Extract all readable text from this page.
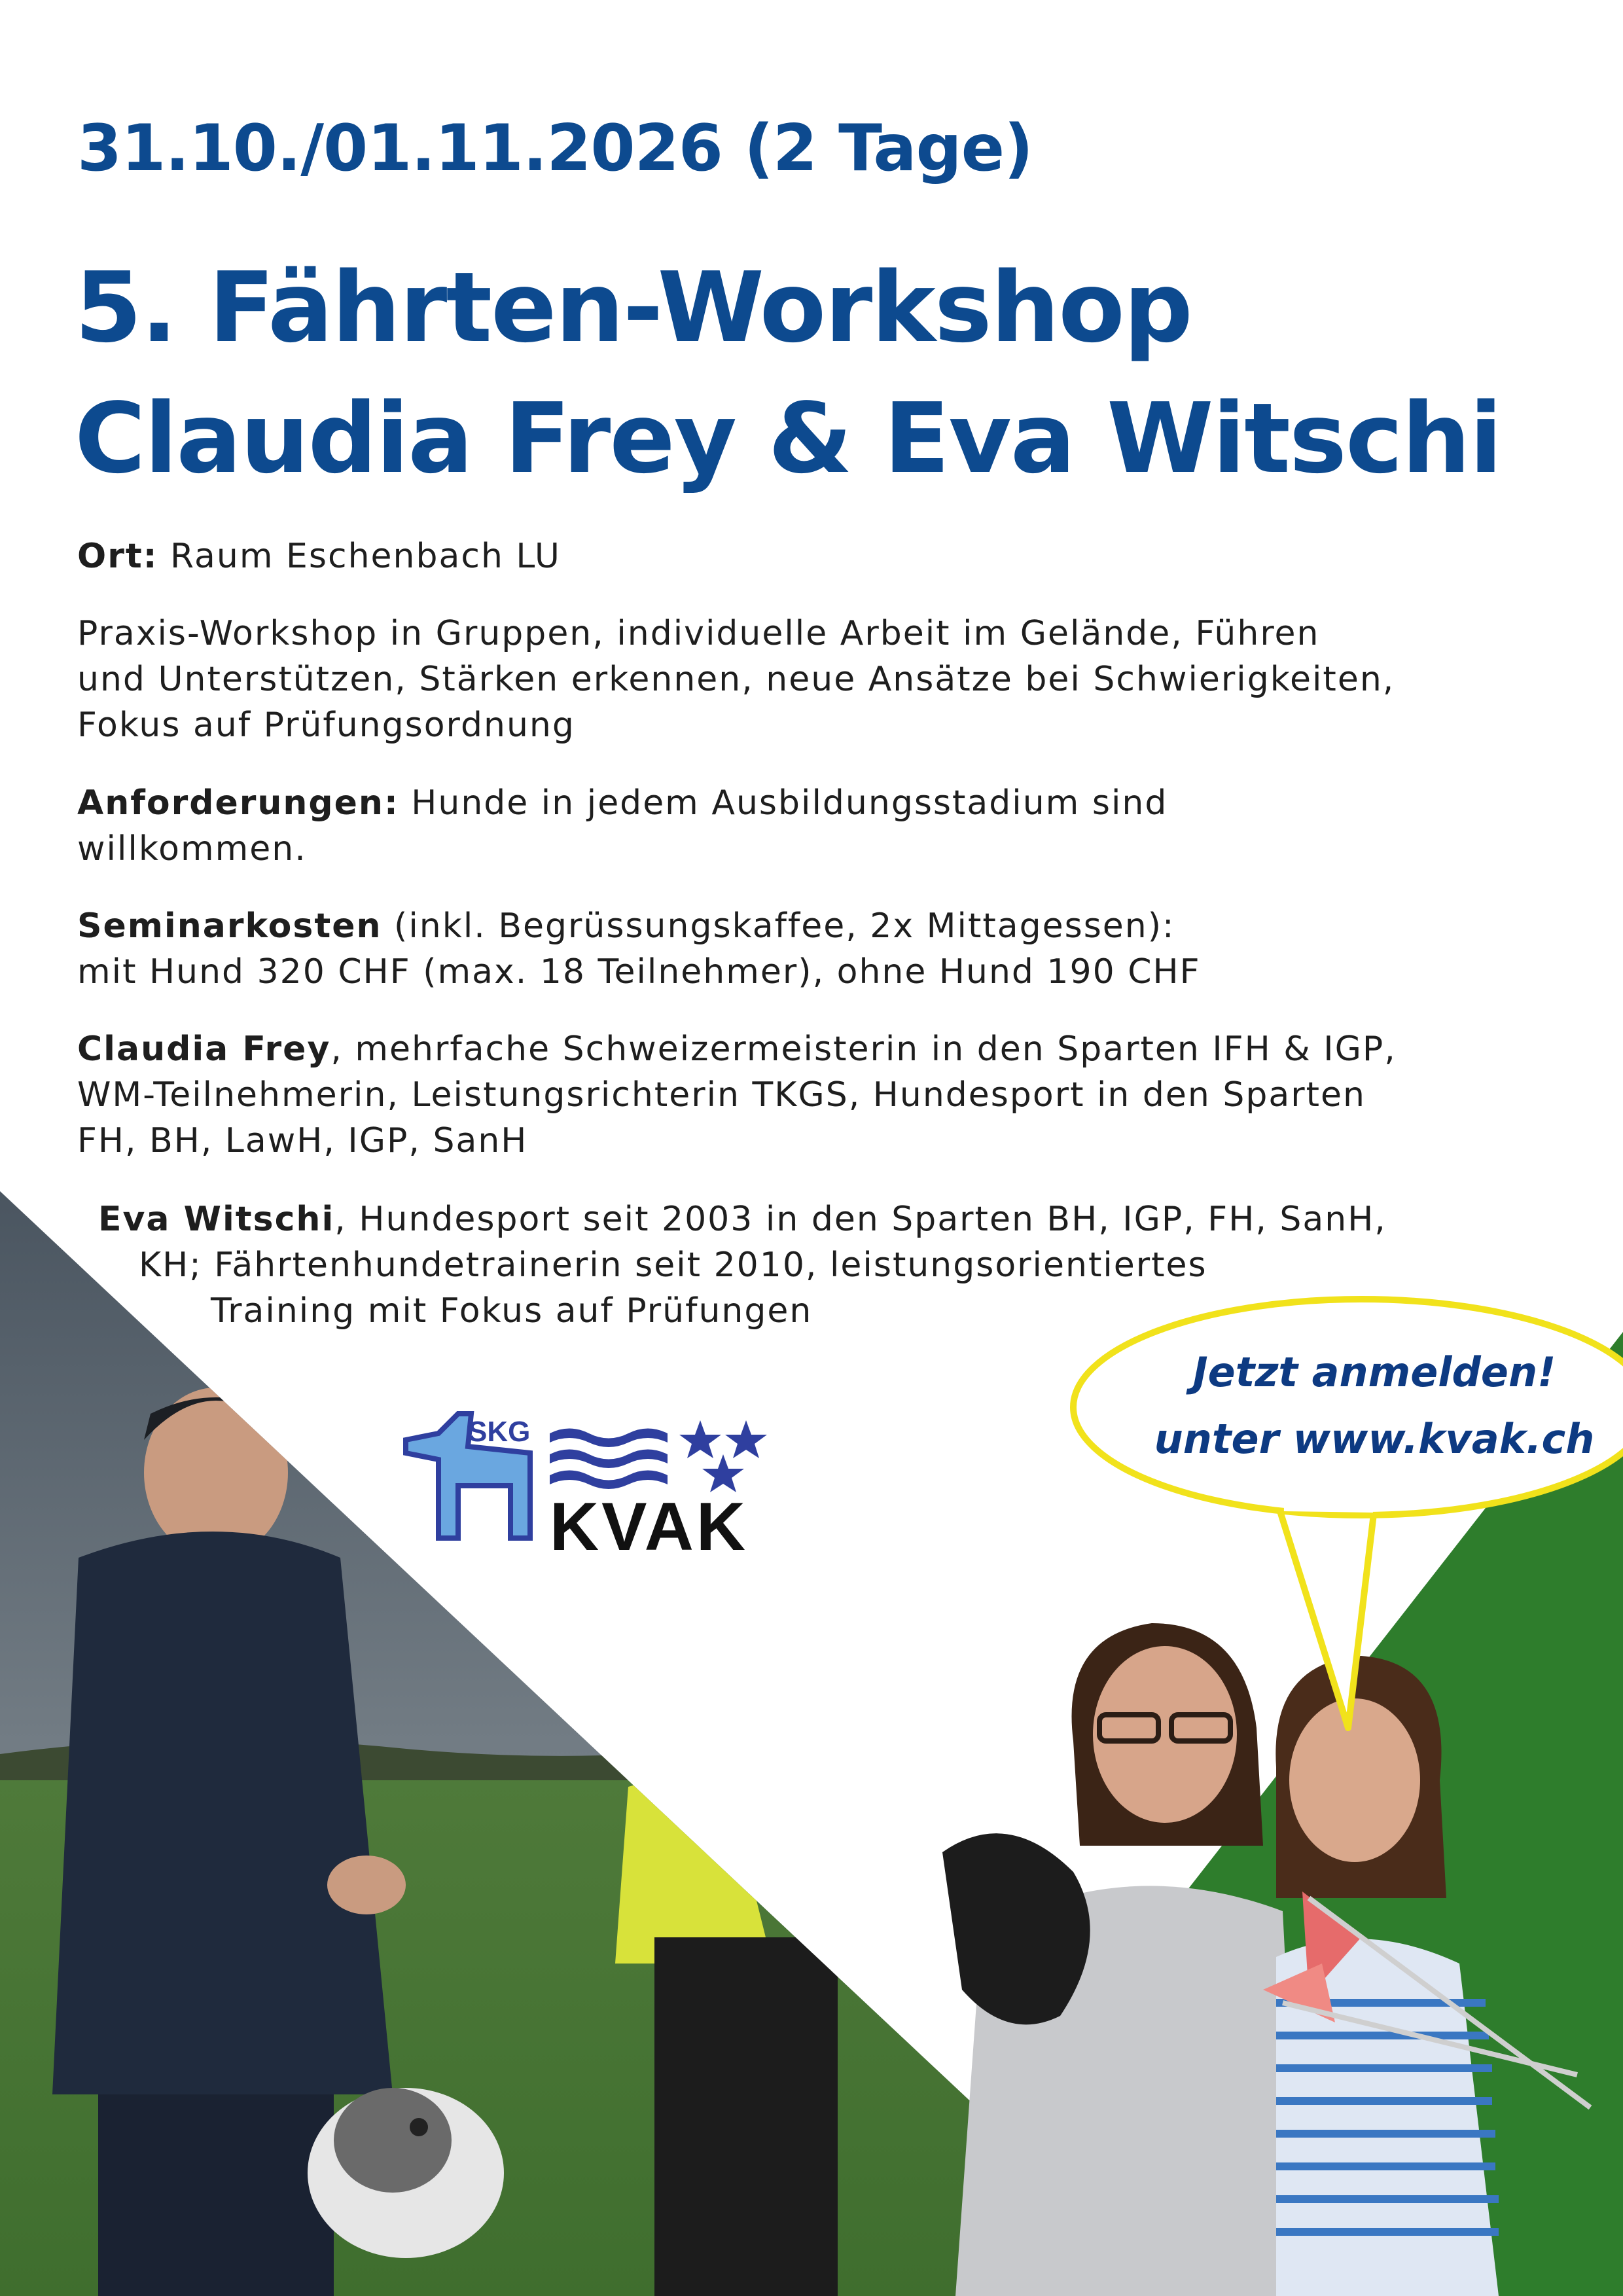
31.10./01.11.2026 (2 Tage)
5. Fährten-Workshop
Claudia Frey & Eva Witschi

Ort: Raum Eschenbach LU

Praxis-Workshop in Gruppen, individuelle Arbeit im Gelände, Führen
und Unterstützen, Stärken erkennen, neue Ansätze bei Schwierigkeiten,
Fokus auf Prüfungsordnung

Anforderungen: Hunde in jedem Ausbildungsstadium sind
willkommen.

Seminarkosten (inkl. Begrüssungskaffee, 2x Mittagessen):
mit Hund 320 CHF (max. 18 Teilnehmer), ohne Hund 190 CHF

Claudia Frey, mehrfache Schweizermeisterin in den Sparten IFH & IGP,
WM-Teilnehmerin, Leistungsrichterin TKGS, Hundesport in den Sparten
FH, BH, LawH, IGP, SanH

Eva Witschi, Hundesport seit 2003 in den Sparten BH, IGP, FH, SanH,

KH; Fährtenhundetrainerin seit 2010, leistungsorientiertes

Training mit Fokus auf Prüfungen

Jetzt anmelden!

unter www.kvak.ch

SKG
KVAK
